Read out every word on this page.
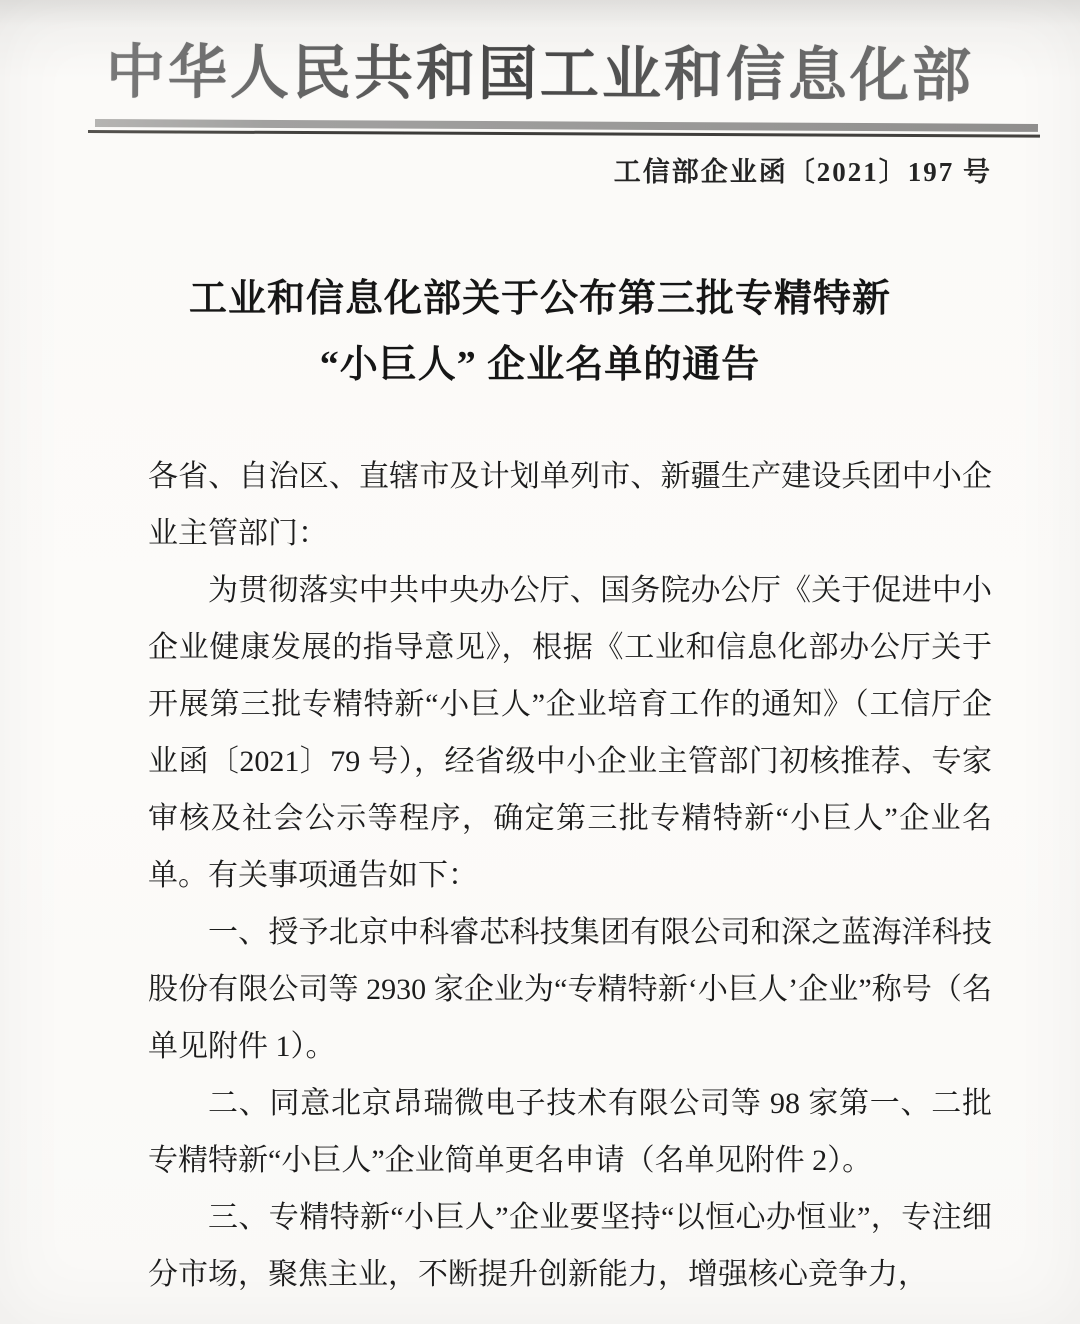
中华人民共和国工业和信息化部
工信部企业函〔2021〕197 号
工业和信息化部关于公布第三批专精特新
“小巨人” 企业名单的通告

各省、自治区、直辖市及计划单列市、新疆生产建设兵团中小企业主管部门：

为贯彻落实中共中央办公厅、国务院办公厅《关于促进中小企业健康发展的指导意见》，根据《工业和信息化部办公厅关于开展第三批专精特新“小巨人”企业培育工作的通知》（工信厅企业函〔2021〕79 号），经省级中小企业主管部门初核推荐、专家审核及社会公示等程序，确定第三批专精特新“小巨人”企业名单。有关事项通告如下：

一、授予北京中科睿芯科技集团有限公司和深之蓝海洋科技股份有限公司等 2930 家企业为“专精特新‘小巨人’企业”称号（名单见附件 1）。

二、同意北京昂瑞微电子技术有限公司等 98 家第一、二批专精特新“小巨人”企业简单更名申请（名单见附件 2）。

三、专精特新“小巨人”企业要坚持“以恒心办恒业”，专注细分市场，聚焦主业，不断提升创新能力，增强核心竞争力，
